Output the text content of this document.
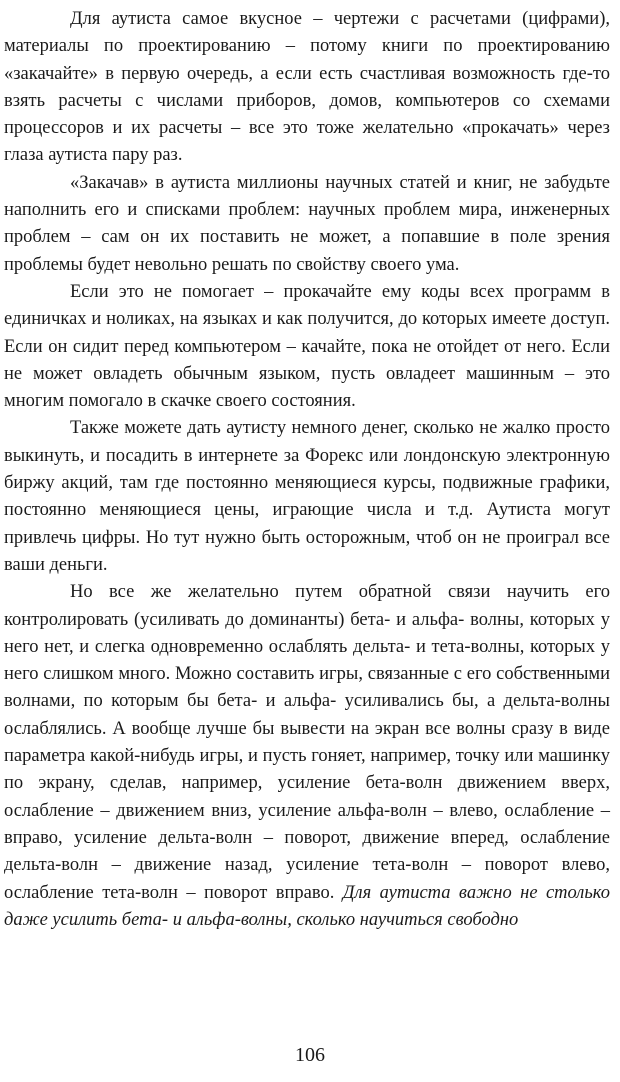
Для аутиста самое вкусное – чертежи с расчетами (цифрами), материалы по проектированию – потому книги по проектированию «закачайте» в первую очередь, а если есть счастливая возможность где-то взять расчеты с числами приборов, домов, компьютеров со схемами процессоров и их расчеты – все это тоже желательно «прокачать» через глаза аутиста пару раз.

«Закачав» в аутиста миллионы научных статей и книг, не забудьте наполнить его и списками проблем: научных проблем мира, инженерных проблем – сам он их поставить не может, а попавшие в поле зрения проблемы будет невольно решать по свойству своего ума.

Если это не помогает – прокачайте ему коды всех программ в единичках и ноликах, на языках и как получится, до которых имеете доступ. Если он сидит перед компьютером – качайте, пока не отойдет от него. Если не может овладеть обычным языком, пусть овладеет машинным – это многим помогало в скачке своего состояния.

Также можете дать аутисту немного денег, сколько не жалко просто выкинуть, и посадить в интернете за Форекс или лондонскую электронную биржу акций, там где постоянно меняющиеся курсы, подвижные графики, постоянно меняющиеся цены, играющие числа и т.д. Аутиста могут привлечь цифры. Но тут нужно быть осторожным, чтоб он не проиграл все ваши деньги.

Но все же желательно путем обратной связи научить его контролировать (усиливать до доминанты) бета- и альфа- волны, которых у него нет, и слегка одновременно ослаблять дельта- и тета-волны, которых у него слишком много. Можно составить игры, связанные с его собственными волнами, по которым бы бета- и альфа- усиливались бы, а дельта-волны ослаблялись. А вообще лучше бы вывести на экран все волны сразу в виде параметра какой-нибудь игры, и пусть гоняет, например, точку или машинку по экрану, сделав, например, усиление бета-волн движением вверх, ослабление – движением вниз, усиление альфа-волн – влево, ослабление – вправо, усиление дельта-волн – поворот, движение вперед, ослабление дельта-волн – движение назад, усиление тета-волн – поворот влево, ослабление тета-волн – поворот вправо. Для аутиста важно не столько даже усилить бета- и альфа-волны, сколько научиться свободно

106
